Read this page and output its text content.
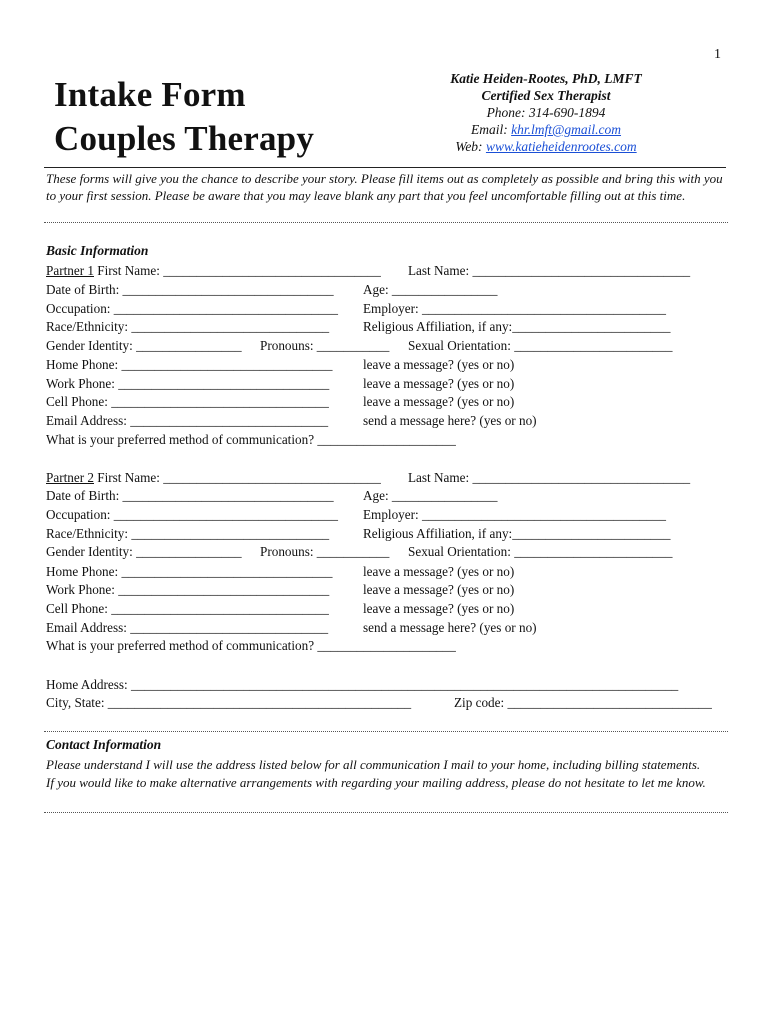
1
Intake Form
Couples Therapy
Katie Heiden-Rootes, PhD, LMFT
Certified Sex Therapist
Phone: 314-690-1894
Email: khr.lmft@gmail.com
Web: www.katieheidenrootes.com
These forms will give you the chance to describe your story. Please fill items out as completely as possible and bring this with you to your first session. Please be aware that you may leave blank any part that you feel uncomfortable filling out at this time.
Basic Information
Partner 1 First Name: _________________________________ Last Name: _________________________________
Date of Birth: ________________________________ Age: ________________
Occupation: __________________________________ Employer: _____________________________________
Race/Ethnicity: ______________________________	Religious Affiliation, if any:________________________
Gender Identity: ________________ Pronouns: ___________ Sexual Orientation: ________________________
Home Phone: ________________________________ leave a message? (yes or no)
Work Phone: ________________________________	leave a message? (yes or no)
Cell Phone: _________________________________	leave a message? (yes or no)
Email Address: ______________________________	send a message here? (yes or no)
What is your preferred method of communication? _____________________
Partner 2 First Name: _________________________________ Last Name: _________________________________
Date of Birth: ________________________________ Age: ________________
Occupation: __________________________________ Employer: _____________________________________
Race/Ethnicity: ______________________________	Religious Affiliation, if any:________________________
Gender Identity: ________________ Pronouns: ___________ Sexual Orientation: ________________________
Home Phone: ________________________________ leave a message? (yes or no)
Work Phone: ________________________________	leave a message? (yes or no)
Cell Phone: _________________________________	leave a message? (yes or no)
Email Address: ______________________________	send a message here? (yes or no)
What is your preferred method of communication? _____________________
Home Address: ___________________________________________________________________________________
City, State: ______________________________________________	Zip code: _______________________________
Contact Information
Please understand I will use the address listed below for all communication I mail to your home, including billing statements. If you would like to make alternative arrangements with regarding your mailing address, please do not hesitate to let me know.
